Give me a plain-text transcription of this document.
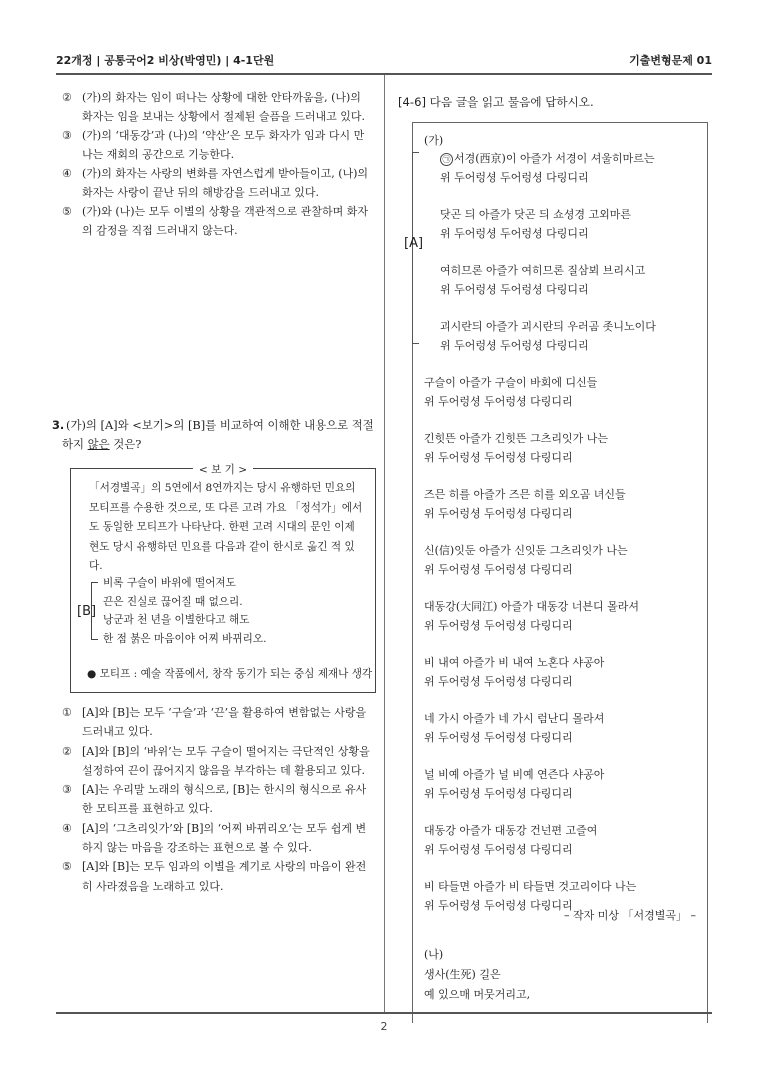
22개정 | 공통국어2 비상(박영민) | 4-1단원	기출변형문제 01

② (가)의 화자는 임이 떠나는 상황에 대한 안타까움을, (나)의 화자는 임을 보내는 상황에서 절제된 슬픔을 드러내고 있다.

③ (가)의 ‘대동강’과 (나)의 ‘약산’은 모두 화자가 임과 다시 만나는 재회의 공간으로 기능한다.

④ (가)의 화자는 사랑의 변화를 자연스럽게 받아들이고, (나)의 화자는 사랑이 끝난 뒤의 해방감을 드러내고 있다.

⑤ (가)와 (나)는 모두 이별의 상황을 객관적으로 관찰하며 화자의 감정을 직접 드러내지 않는다.

3. (가)의 [A]와 <보기>의 [B]를 비교하여 이해한 내용으로 적절하지 않은 것은?
< 보 기 >
「서경별곡」의 5연에서 8연까지는 당시 유행하던 민요의 모티프를 수용한 것으로, 또 다른 고려 가요 「정석가」에서도 동일한 모티프가 나타난다. 한편 고려 시대의 문인 이제현도 당시 유행하던 민요를 다음과 같이 한시로 옮긴 적 있다.
[B]
비록 구슬이 바위에 떨어져도
끈은 진실로 끊어질 때 없으리.
낭군과 천 년을 이별한다고 해도
한 점 붉은 마음이야 어찌 바뀌리오.
● 모티프 : 예술 작품에서, 창작 동기가 되는 중심 제재나 생각

① [A]와 [B]는 모두 ‘구슬’과 ‘끈’을 활용하여 변함없는 사랑을 드러내고 있다.

② [A]와 [B]의 ‘바위’는 모두 구슬이 떨어지는 극단적인 상황을 설정하여 끈이 끊어지지 않음을 부각하는 데 활용되고 있다.

③ [A]는 우리말 노래의 형식으로, [B]는 한시의 형식으로 유사한 모티프를 표현하고 있다.

④ [A]의 ‘그츠리잇가’와 [B]의 ‘어찌 바뀌리오’는 모두 쉽게 변하지 않는 마음을 강조하는 표현으로 볼 수 있다.

⑤ [A]와 [B]는 모두 임과의 이별을 계기로 사랑의 마음이 완전히 사라졌음을 노래하고 있다.

[4-6] 다음 글을 읽고 물음에 답하시오.
(가)
[A]
㉠ 서경(西京)이 아즐가 서경이 셔울히마르는
위 두어렁셩 두어렁셩 다링디리
닷곤 듸 아즐가 닷곤 듸 쇼셩경 고외마른
위 두어렁셩 두어렁셩 다링디리
여히므론 아즐가 여히므론 질삼뵈 브리시고
위 두어렁셩 두어렁셩 다링디리
괴시란듸 아즐가 괴시란듸 우러곰 좃니노이다
위 두어렁셩 두어렁셩 다링디리
구슬이 아즐가 구슬이 바회에 디신들
위 두어렁셩 두어렁셩 다링디리
긴힛뜬 아즐가 긴힛뜬 그츠리잇가 나는
위 두어렁셩 두어렁셩 다링디리
즈믄 히를 아즐가 즈믄 히를 외오곰 녀신들
위 두어렁셩 두어렁셩 다링디리
신(信)잇둔 아즐가 신잇둔 그츠리잇가 나는
위 두어렁셩 두어렁셩 다링디리
대동강(大同江) 아즐가 대동강 너븐디 몰라셔
위 두어렁셩 두어렁셩 다링디리
비 내여 아즐가 비 내여 노혼다 샤공아
위 두어렁셩 두어렁셩 다링디리
네 가시 아즐가 네 가시 럼난디 몰라셔
위 두어렁셩 두어렁셩 다링디리
널 비예 아즐가 널 비예 연즌다 샤공아
위 두어렁셩 두어렁셩 다링디리
대동강 아즐가 대동강 건넌편 고즐여
위 두어렁셩 두어렁셩 다링디리
비 타들면 아즐가 비 타들면 것고리이다 나는
위 두어렁셩 두어렁셩 다링디리
– 작자 미상 「서경별곡」 –
(나)
생사(生死) 길은
예 있으매 머뭇거리고,
2
